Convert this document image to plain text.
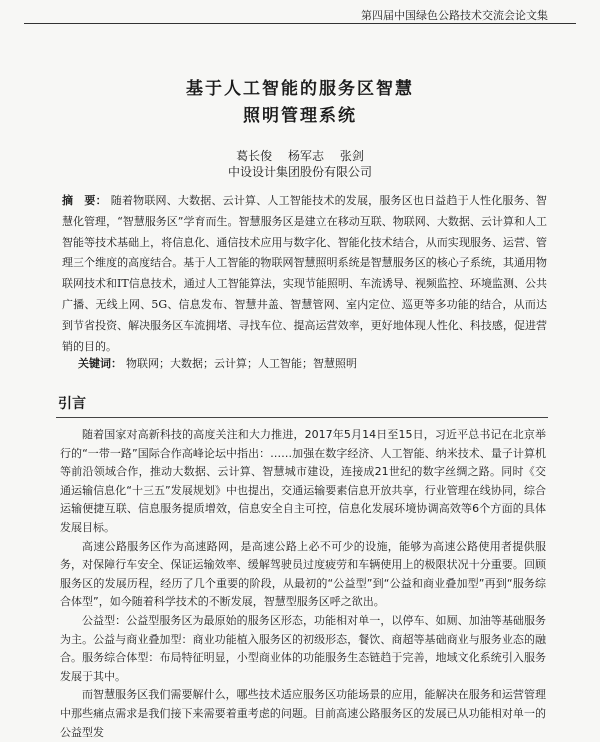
第四届中国绿色公路技术交流会论文集
基于人工智能的服务区智慧
照明管理系统
葛长俊 杨军志 张剑
中设设计集团股份有限公司
摘　要： 随着物联网、大数据、云计算、人工智能技术的发展，服务区也日益趋于人性化服务、智慧化管理，“智慧服务区”学育而生。智慧服务区是建立在移动互联、物联网、大数据、云计算和人工智能等技术基础上，将信息化、通信技术应用与数字化、智能化技术结合，从而实现服务、运营、管理三个维度的高度结合。基于人工智能的物联网智慧照明系统是智慧服务区的核心子系统，其通用物联网技术和IT信息技术，通过人工智能算法，实现节能照明、车流诱导、视频监控、环境监测、公共广播、无线上网、5G、信息发布、智慧井盖、智慧管网、室内定位、巡更等多功能的结合，从而达到节省投资、解决服务区车流拥堵、寻找车位、提高运营效率，更好地体现人性化、科技感，促进营销的目的。
关键词： 物联网；大数据；云计算；人工智能；智慧照明
引言

随着国家对高新科技的高度关注和大力推进，2017年5月14日至15日，习近平总书记在北京举行的“一带一路”国际合作高峰论坛中指出：……加强在数字经济、人工智能、纳米技术、量子计算机等前沿领域合作，推动大数据、云计算、智慧城市建设，连接成21世纪的数字丝绸之路。同时《交通运输信息化“十三五”发展规划》中也提出，交通运输要素信息开放共享，行业管理在线协同，综合运输便捷互联、信息服务提质增效，信息安全自主可控，信息化发展环境协调高效等6个方面的具体发展目标。

高速公路服务区作为高速路网，是高速公路上必不可少的设施，能够为高速公路使用者提供服务，对保障行车安全、保证运输效率、缓解驾驶员过度疲劳和车辆使用上的极限状况十分重要。回顾服务区的发展历程，经历了几个重要的阶段，从最初的“公益型”到“公益和商业叠加型”再到“服务综合体型”，如今随着科学技术的不断发展，智慧型服务区呼之欲出。

公益型：公益型服务区为最原始的服务区形态，功能相对单一，以停车、如厕、加油等基础服务为主。公益与商业叠加型：商业功能植入服务区的初级形态，餐饮、商超等基础商业与服务业态的融合。服务综合体型：布局特征明显，小型商业体的功能服务生态链趋于完善，地域文化系统引入服务发展于其中。

而智慧服务区我们需要解什么，哪些技术适应服务区功能场景的应用，能解决在服务和运营管理中那些痛点需求是我们接下来需要着重考虑的问题。目前高速公路服务区的发展已从功能相对单一的公益型发
